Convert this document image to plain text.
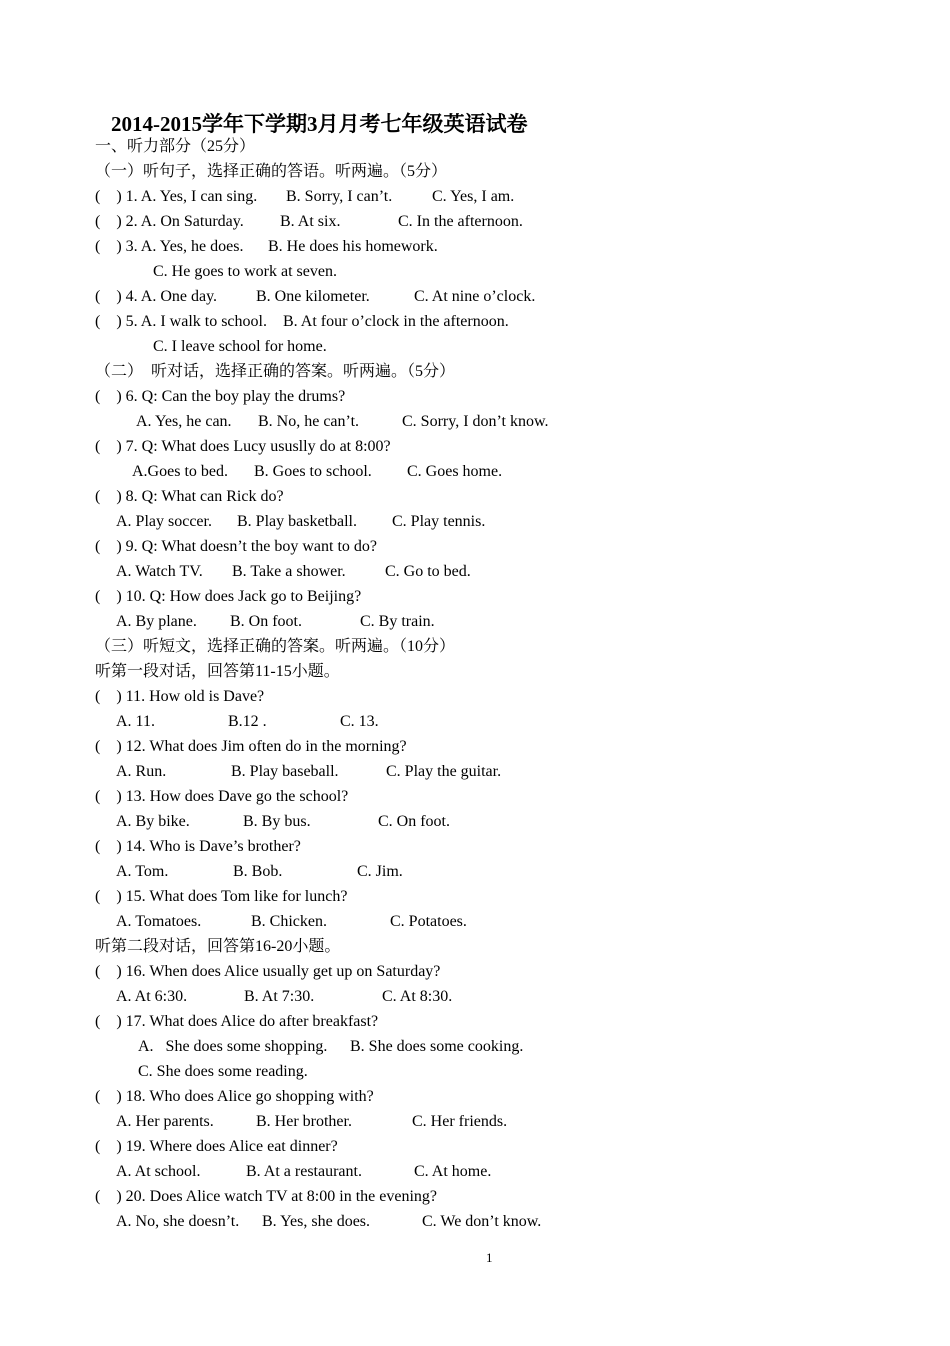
2014-2015学年下学期3月月考七年级英语试卷
一、听力部分（25分）
（一）听句子，选择正确的答语。听两遍。（5分）
(    ) 1. A. Yes, I can sing. B. Sorry, I can’t. C. Yes, I am.
(    ) 2. A. On Saturday. B. At six.	C. In the afternoon.
(    ) 3. A. Yes, he does. B. He does his homework.
C. He goes to work at seven.
(    ) 4. A. One day. B. One kilometer.	C. At nine o’clock.
(    ) 5. A. I walk to school. B. At four o’clock in the afternoon.
C. I leave school for home.
（二）  听对话，选择正确的答案。听两遍。（5分）
(    ) 6. Q: Can the boy play the drums?
A. Yes, he can. B. No, he can’t.	C. Sorry, I don’t know.
(    ) 7. Q: What does Lucy ususlly do at 8:00?
A.Goes to bed. B. Goes to school. C. Goes home.
(    ) 8. Q: What can Rick do?
A. Play soccer. B. Play basketball. C. Play tennis.
(    ) 9. Q: What doesn’t the boy want to do?
A. Watch TV. B. Take a shower. C. Go to bed.
(    ) 10. Q: How does Jack go to Beijing?
A. By plane. B. On foot.	C. By train.
（三）听短文，选择正确的答案。听两遍。（10分）
听第一段对话，回答第11-15小题。
(    ) 11. How old is Dave?
A. 11.	B.12 .	C. 13.
(    ) 12. What does Jim often do in the morning?
A. Run.	B. Play baseball.	C. Play the guitar.
(    ) 13. How does Dave go the school?
A. By bike.	B. By bus.	C. On foot.
(    ) 14. Who is Dave’s brother?
A. Tom.	B. Bob.	C. Jim.
(    ) 15. What does Tom like for lunch?
A. Tomatoes.	B. Chicken.	C. Potatoes.
听第二段对话，回答第16-20小题。
(    ) 16. When does Alice usually get up on Saturday?
A. At 6:30.	B. At 7:30.	C. At 8:30.
(    ) 17. What does Alice do after breakfast?
A.   She does some shopping. B. She does some cooking.
C. She does some reading.
(    ) 18. Who does Alice go shopping with?
A. Her parents.	B. Her brother.	C. Her friends.
(    ) 19. Where does Alice eat dinner?
A. At school.	B. At a restaurant.	C. At home.
(    ) 20. Does Alice watch TV at 8:00 in the evening?
A. No, she doesn’t. B. Yes, she does.	C. We don’t know.
1
